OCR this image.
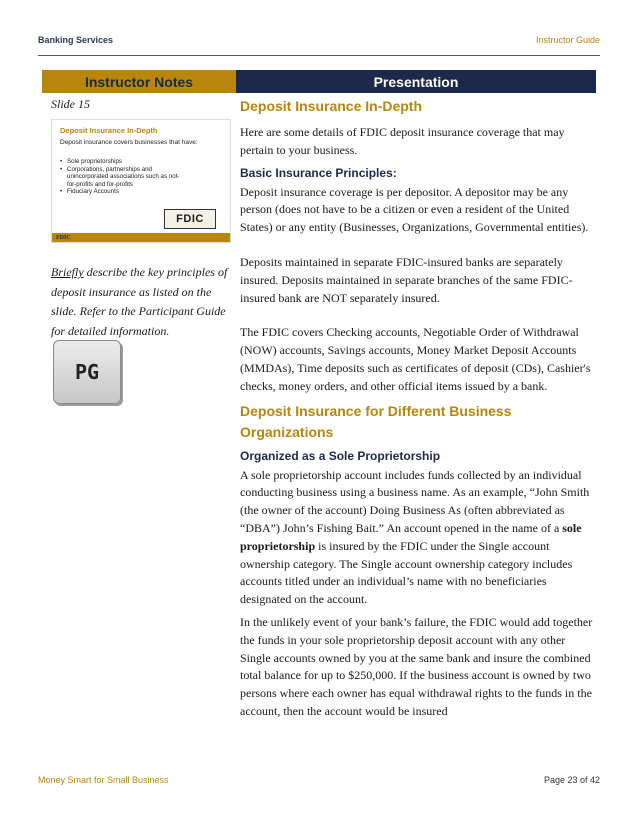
Banking Services	Instructor Guide
Instructor Notes	Presentation
Slide 15
Deposit Insurance In-Depth
Deposit insurance covers businesses that have:
• Sole proprietorships
• Corporations, partnerships and unincorporated associations such as not-for-profits and for-profits
• Fiduciary Accounts
FDIC
FDIC
Briefly describe the key principles of deposit insurance as listed on the slide. Refer to the Participant Guide for detailed information.
PG
Deposit Insurance In-Depth
Here are some details of FDIC deposit insurance coverage that may pertain to your business.
Basic Insurance Principles:
Deposit insurance coverage is per depositor. A depositor may be any person (does not have to be a citizen or even a resident of the United States) or any entity (Businesses, Organizations, Governmental entities).
Deposits maintained in separate FDIC-insured banks are separately insured. Deposits maintained in separate branches of the same FDIC-insured bank are NOT separately insured.
The FDIC covers Checking accounts, Negotiable Order of Withdrawal (NOW) accounts, Savings accounts, Money Market Deposit Accounts (MMDAs), Time deposits such as certificates of deposit (CDs), Cashier's checks, money orders, and other official items issued by a bank.
Deposit Insurance for Different Business Organizations
Organized as a Sole Proprietorship
A sole proprietorship account includes funds collected by an individual conducting business using a business name. As an example, “John Smith (the owner of the account) Doing Business As (often abbreviated as “DBA”) John’s Fishing Bait.” An account opened in the name of a sole proprietorship is insured by the FDIC under the Single account ownership category. The Single account ownership category includes accounts titled under an individual’s name with no beneficiaries designated on the account.
In the unlikely event of your bank’s failure, the FDIC would add together the funds in your sole proprietorship deposit account with any other Single accounts owned by you at the same bank and insure the combined total balance for up to $250,000. If the business account is owned by two persons where each owner has equal withdrawal rights to the funds in the account, then the account would be insured
Money Smart for Small Business	Page 23 of 42
